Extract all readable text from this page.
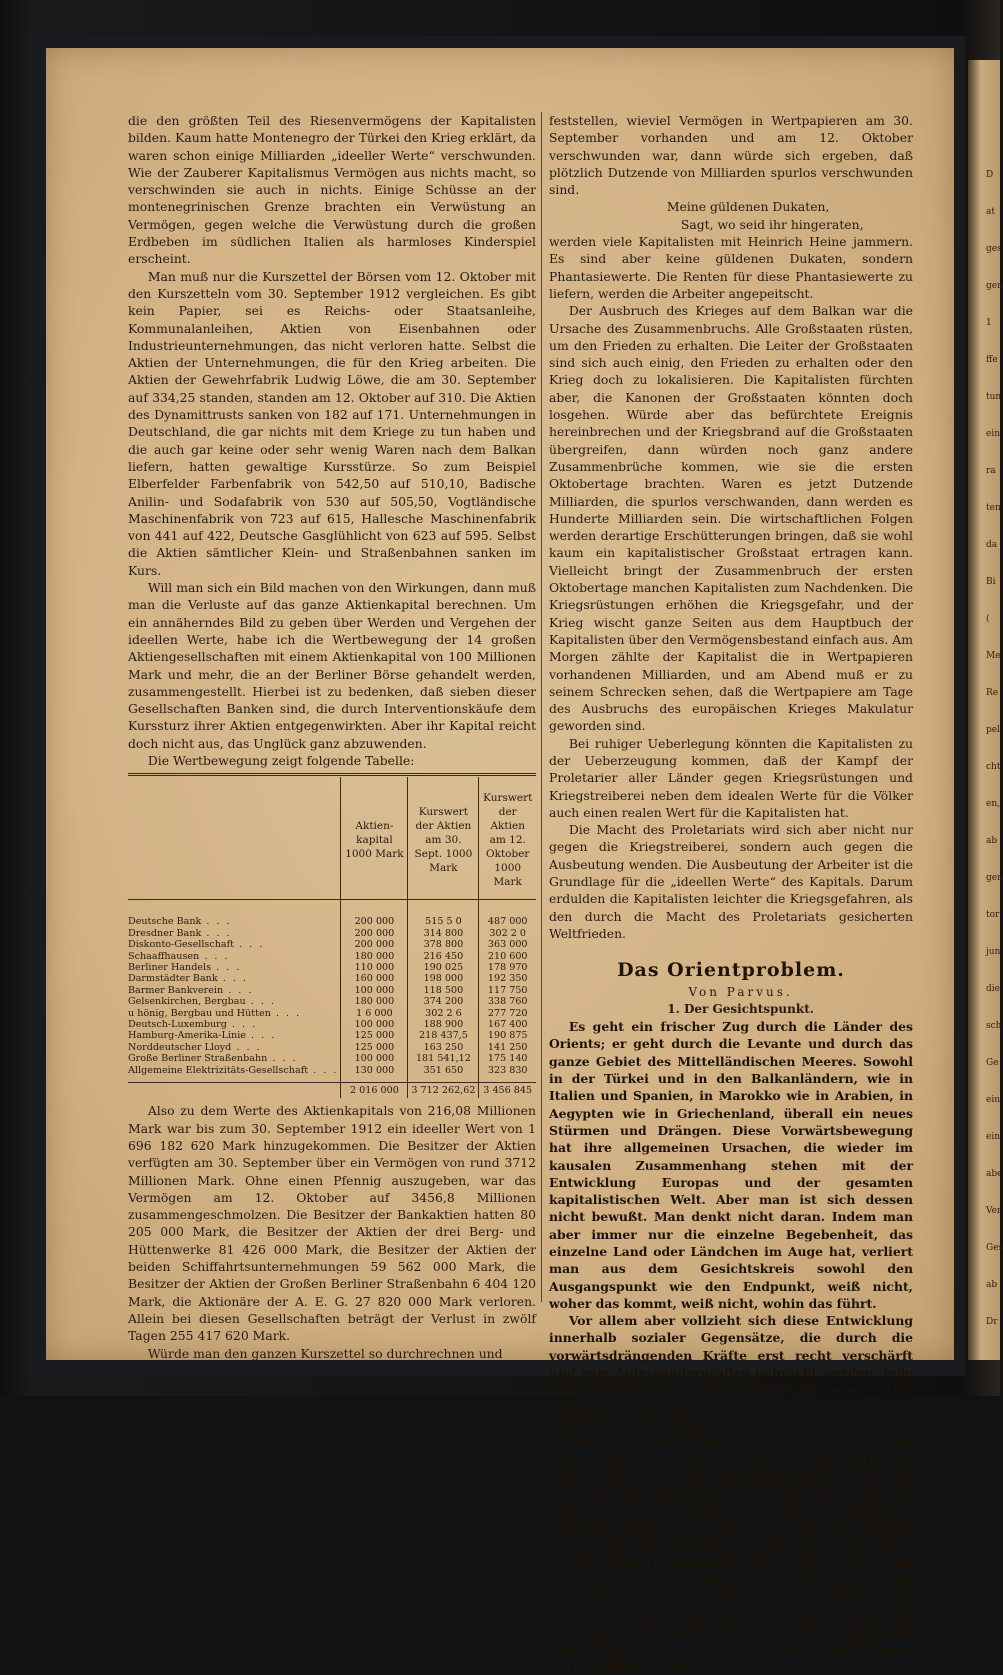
D
at
ges
gen
1
ffe
tun
ein
ra
ten
da
Bi
(
Me
Re
pel
cht
en,
ab
gen
tor
jun
die
sch
Ge
ein
ein
abe
Ver
Ges
ab
Dr

die den größten Teil des Riesenvermögens der Kapitalisten bilden. Kaum hatte Montenegro der Türkei den Krieg erklärt, da waren schon einige Milliarden „ideeller Werte“ verschwunden. Wie der Zauberer Kapitalismus Vermögen aus nichts macht, so verschwinden sie auch in nichts. Einige Schüsse an der montenegrinischen Grenze brachten ein Verwüstung an Vermögen, gegen welche die Verwüstung durch die großen Erdbeben im südlichen Italien als harmloses Kinderspiel erscheint.

Man muß nur die Kurszettel der Börsen vom 12. Oktober mit den Kurszetteln vom 30. September 1912 vergleichen. Es gibt kein Papier, sei es Reichs- oder Staatsanleihe, Kommunalanleihen, Aktien von Eisenbahnen oder Industrieunternehmungen, das nicht verloren hatte. Selbst die Aktien der Unternehmungen, die für den Krieg arbeiten. Die Aktien der Gewehrfabrik Ludwig Löwe, die am 30. September auf 334,25 standen, standen am 12. Oktober auf 310. Die Aktien des Dynamittrusts sanken von 182 auf 171. Unternehmungen in Deutschland, die gar nichts mit dem Kriege zu tun haben und die auch gar keine oder sehr wenig Waren nach dem Balkan liefern, hatten gewaltige Kursstürze. So zum Beispiel Elberfelder Farbenfabrik von 542,50 auf 510,10, Badische Anilin- und Sodafabrik von 530 auf 505,50, Vogtländische Maschinenfabrik von 723 auf 615, Hallesche Maschinenfabrik von 441 auf 422, Deutsche Gasglühlicht von 623 auf 595. Selbst die Aktien sämtlicher Klein- und Straßenbahnen sanken im Kurs.

Will man sich ein Bild machen von den Wirkungen, dann muß man die Verluste auf das ganze Aktienkapital berechnen. Um ein annäherndes Bild zu geben über Werden und Vergehen der ideellen Werte, habe ich die Wertbewegung der 14 großen Aktiengesellschaften mit einem Aktienkapital von 100 Millionen Mark und mehr, die an der Berliner Börse gehandelt werden, zusammengestellt. Hierbei ist zu bedenken, daß sieben dieser Gesellschaften Banken sind, die durch Interventionskäufe dem Kurssturz ihrer Aktien entgegenwirkten. Aber ihr Kapital reicht doch nicht aus, das Unglück ganz abzuwenden.

Die Wertbewegung zeigt folgende Tabelle:

	Aktien-kapital 1000 Mark	Kurswert der Aktien am 30. Sept. 1000 Mark	Kurswert der Aktien am 12. Oktober 1000 Mark
Deutsche Bank . . .	200 000	515 5 0	487 000
Dresdner Bank . . .	200 000	314 800	302 2 0
Diskonto-Gesellschaft . . .	200 000	378 800	363 000
Schaaffhausen . . .	180 000	216 450	210 600
Berliner Handels . . .	110 000	190 025	178 970
Darmstädter Bank . . .	160 000	198 000	192 350
Barmer Bankverein . . .	100 000	118 500	117 750
Gelsenkirchen, Bergbau . . .	180 000	374 200	338 760
u hönig, Bergbau und Hütten . . .	1 6 000	302 2 6	277 720
Deutsch-Luxemburg . . .	100 000	188 900	167 400
Hamburg-Amerika-Linie . . .	125 000	218 437,5	190 875
Norddeutscher Lloyd . . .	125 000	163 250	141 250
Große Berliner Straßenbahn . . .	100 000	181 541,12	175 140
Allgemeine Elektrizitäts-Gesellschaft . . .	130 000	351 650	323 830
	2 016 000	3 712 262,62	3 456 845

Also zu dem Werte des Aktienkapitals von 216,08 Millionen Mark war bis zum 30. September 1912 ein ideeller Wert von 1 696 182 620 Mark hinzugekommen. Die Besitzer der Aktien verfügten am 30. September über ein Vermögen von rund 3712 Millionen Mark. Ohne einen Pfennig auszugeben, war das Vermögen am 12. Oktober auf 3456,8 Millionen zusammengeschmolzen. Die Besitzer der Bankaktien hatten 80 205 000 Mark, die Besitzer der Aktien der drei Berg- und Hüttenwerke 81 426 000 Mark, die Besitzer der Aktien der beiden Schiffahrtsunternehmungen 59 562 000 Mark, die Besitzer der Aktien der Großen Berliner Straßenbahn 6 404 120 Mark, die Aktionäre der A. E. G. 27 820 000 Mark verloren. Allein bei diesen Gesellschaften beträgt der Verlust in zwölf Tagen 255 417 620 Mark.

Würde man den ganzen Kurszettel so durchrechnen und

feststellen, wieviel Vermögen in Wertpapieren am 30. September vorhanden und am 12. Oktober verschwunden war, dann würde sich ergeben, daß plötzlich Dutzende von Milliarden spurlos verschwunden sind.

Meine güldenen Dukaten,

Sagt, wo seid ihr hingeraten,

werden viele Kapitalisten mit Heinrich Heine jammern. Es sind aber keine güldenen Dukaten, sondern Phantasiewerte. Die Renten für diese Phantasiewerte zu liefern, werden die Arbeiter angepeitscht.

Der Ausbruch des Krieges auf dem Balkan war die Ursache des Zusammenbruchs. Alle Großstaaten rüsten, um den Frieden zu erhalten. Die Leiter der Großstaaten sind sich auch einig, den Frieden zu erhalten oder den Krieg doch zu lokalisieren. Die Kapitalisten fürchten aber, die Kanonen der Großstaaten könnten doch losgehen. Würde aber das befürchtete Ereignis hereinbrechen und der Kriegsbrand auf die Großstaaten übergreifen, dann würden noch ganz andere Zusammenbrüche kommen, wie sie die ersten Oktobertage brachten. Waren es jetzt Dutzende Milliarden, die spurlos verschwanden, dann werden es Hunderte Milliarden sein. Die wirtschaftlichen Folgen werden derartige Erschütterungen bringen, daß sie wohl kaum ein kapitalistischer Großstaat ertragen kann. Vielleicht bringt der Zusammenbruch der ersten Oktobertage manchen Kapitalisten zum Nachdenken. Die Kriegsrüstungen erhöhen die Kriegsgefahr, und der Krieg wischt ganze Seiten aus dem Hauptbuch der Kapitalisten über den Vermögensbestand einfach aus. Am Morgen zählte der Kapitalist die in Wertpapieren vorhandenen Milliarden, und am Abend muß er zu seinem Schrecken sehen, daß die Wertpapiere am Tage des Ausbruchs des europäischen Krieges Makulatur geworden sind.

Bei ruhiger Ueberlegung könnten die Kapitalisten zu der Ueberzeugung kommen, daß der Kampf der Proletarier aller Länder gegen Kriegsrüstungen und Kriegstreiberei neben dem idealen Werte für die Völker auch einen realen Wert für die Kapitalisten hat.

Die Macht des Proletariats wird sich aber nicht nur gegen die Kriegstreiberei, sondern auch gegen die Ausbeutung wenden. Die Ausbeutung der Arbeiter ist die Grundlage für die „ideellen Werte“ des Kapitals. Darum erdulden die Kapitalisten leichter die Kriegsgefahren, als den durch die Macht des Proletariats gesicherten Weltfrieden.

Das Orientproblem.

Von Parvus.

1. Der Gesichtspunkt.

Es geht ein frischer Zug durch die Länder des Orients; er geht durch die Levante und durch das ganze Gebiet des Mittelländischen Meeres. Sowohl in der Türkei und in den Balkanländern, wie in Italien und Spanien, in Marokko wie in Arabien, in Aegypten wie in Griechenland, überall ein neues Stürmen und Drängen. Diese Vorwärtsbewegung hat ihre allgemeinen Ursachen, die wieder im kausalen Zusammenhang stehen mit der Entwicklung Europas und der gesamten kapitalistischen Welt. Aber man ist sich dessen nicht bewußt. Man denkt nicht daran. Indem man aber immer nur die einzelne Begebenheit, das einzelne Land oder Ländchen im Auge hat, verliert man aus dem Gesichtskreis sowohl den Ausgangspunkt wie den Endpunkt, weiß nicht, woher das kommt, weiß nicht, wohin das führt.

Vor allem aber vollzieht sich diese Entwicklung innerhalb sozialer Gegensätze, die durch die vorwärtsdrängenden Kräfte erst recht verschärft und zum Aufeinanderprallen gebracht werden. Jede wirkende Kraft, jedes Sonderinteresse wird gesteigert und sucht auf Kosten der anderen sich Geltung zu verschaffen.

Diese sozialen Kämpfe sind zum Teil national oder religiös verschleiert, zum Teil offenbaren sie ohne weiteres deren Klassencharakter, oder sie vertreten die Privilegien eines Standes, oder sie tragen ein brutales und schamloses Kliqueninteresse zur Schau. Von Haus aus Kämpfe um Macht und Reichtum, werden sie zu Kämpfen um die Regierungsgewalt, um die Staatsform, um den Besitz, die sich miteinander verflechten, so daß z. B. der Parlamentarismus, der den Volksmassen die Wege ebnet, zugleich dem Konzessionenraub dient und unter dem Schutze des Privateigentums kapitalistische Landesexpropriationen durchgeführt werden.
